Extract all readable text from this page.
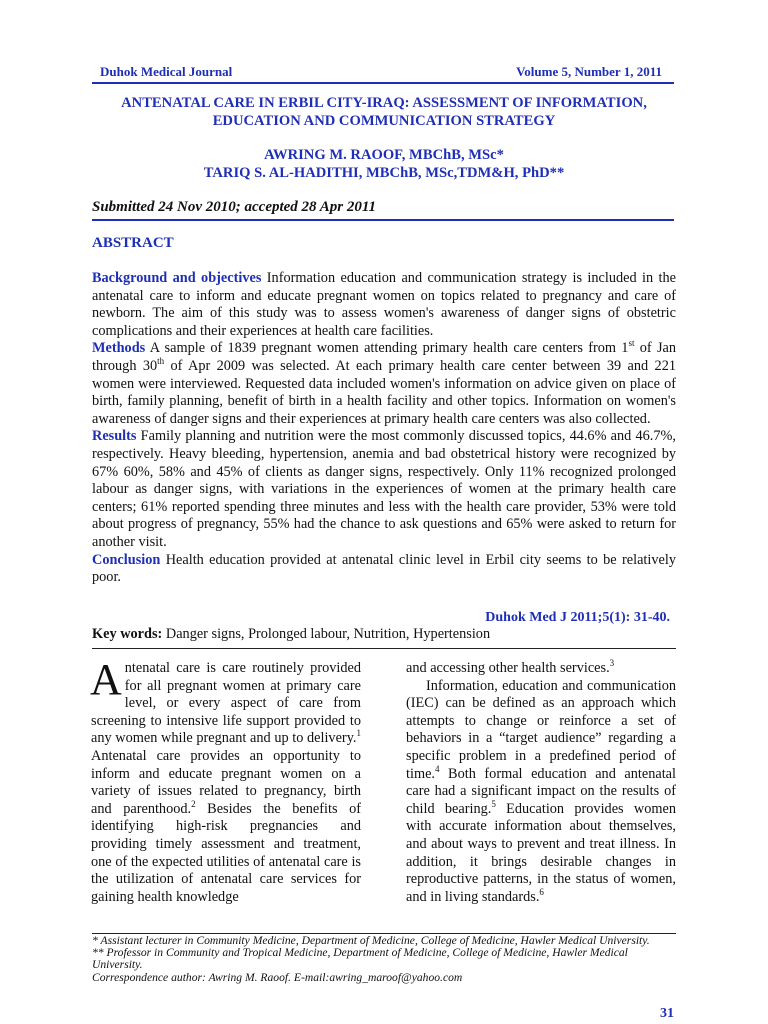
Duhok Medical Journal	Volume 5, Number 1, 2011
ANTENATAL CARE IN ERBIL CITY-IRAQ: ASSESSMENT OF INFORMATION,
EDUCATION AND COMMUNICATION STRATEGY
AWRING M. RAOOF, MBChB, MSc*
TARIQ S. AL-HADITHI, MBChB, MSc,TDM&H, PhD**
Submitted 24 Nov 2010; accepted 28 Apr 2011
ABSTRACT

Background and objectives Information education and communication strategy is included in the antenatal care to inform and educate pregnant women on topics related to pregnancy and care of newborn. The aim of this study was to assess women's awareness of danger signs of obstetric complications and their experiences at health care facilities.

Methods A sample of 1839 pregnant women attending primary health care centers from 1st of Jan through 30th of Apr 2009 was selected. At each primary health care center between 39 and 221 women were interviewed. Requested data included women's information on advice given on place of birth, family planning, benefit of birth in a health facility and other topics. Information on women's awareness of danger signs and their experiences at primary health care centers was also collected.

Results Family planning and nutrition were the most commonly discussed topics, 44.6% and 46.7%, respectively. Heavy bleeding, hypertension, anemia and bad obstetrical history were recognized by 67% 60%, 58% and 45% of clients as danger signs, respectively. Only 11% recognized prolonged labour as danger signs, with variations in the experiences of women at the primary health care centers; 61% reported spending three minutes and less with the health care provider, 53% were told about progress of pregnancy, 55% had the chance to ask questions and 65% were asked to return for another visit.

Conclusion Health education provided at antenatal clinic level in Erbil city seems to be relatively poor.

Duhok Med J 2011;5(1): 31-40.
Key words: Danger signs, Prolonged labour, Nutrition, Hypertension

Antenatal care is care routinely provided for all pregnant women at primary care level, or every aspect of care from screening to intensive life support provided to any women while pregnant and up to delivery.$^1$ Antenatal care provides an opportunity to inform and educate pregnant women on a variety of issues related to pregnancy, birth and parenthood.$^2$ Besides the benefits of identifying high-risk pregnancies and providing timely assessment and treatment, one of the expected utilities of antenatal care is the utilization of antenatal care services for gaining health knowledge

and accessing other health services.$^3$

Information, education and communication (IEC) can be defined as an approach which attempts to change or reinforce a set of behaviors in a “target audience” regarding a specific problem in a predefined period of time.$^4$ Both formal education and antenatal care had a significant impact on the results of child bearing.$^5$ Education provides women with accurate information about themselves, and about ways to prevent and treat illness. In addition, it brings desirable changes in reproductive patterns, in the status of women, and in living standards.$^6$

* Assistant lecturer in Community Medicine, Department of Medicine, College of Medicine, Hawler Medical University.

** Professor in Community and Tropical Medicine, Department of Medicine, College of Medicine, Hawler Medical University.

Correspondence author: Awring M. Raoof. E-mail:awring_maroof@yahoo.com

31
